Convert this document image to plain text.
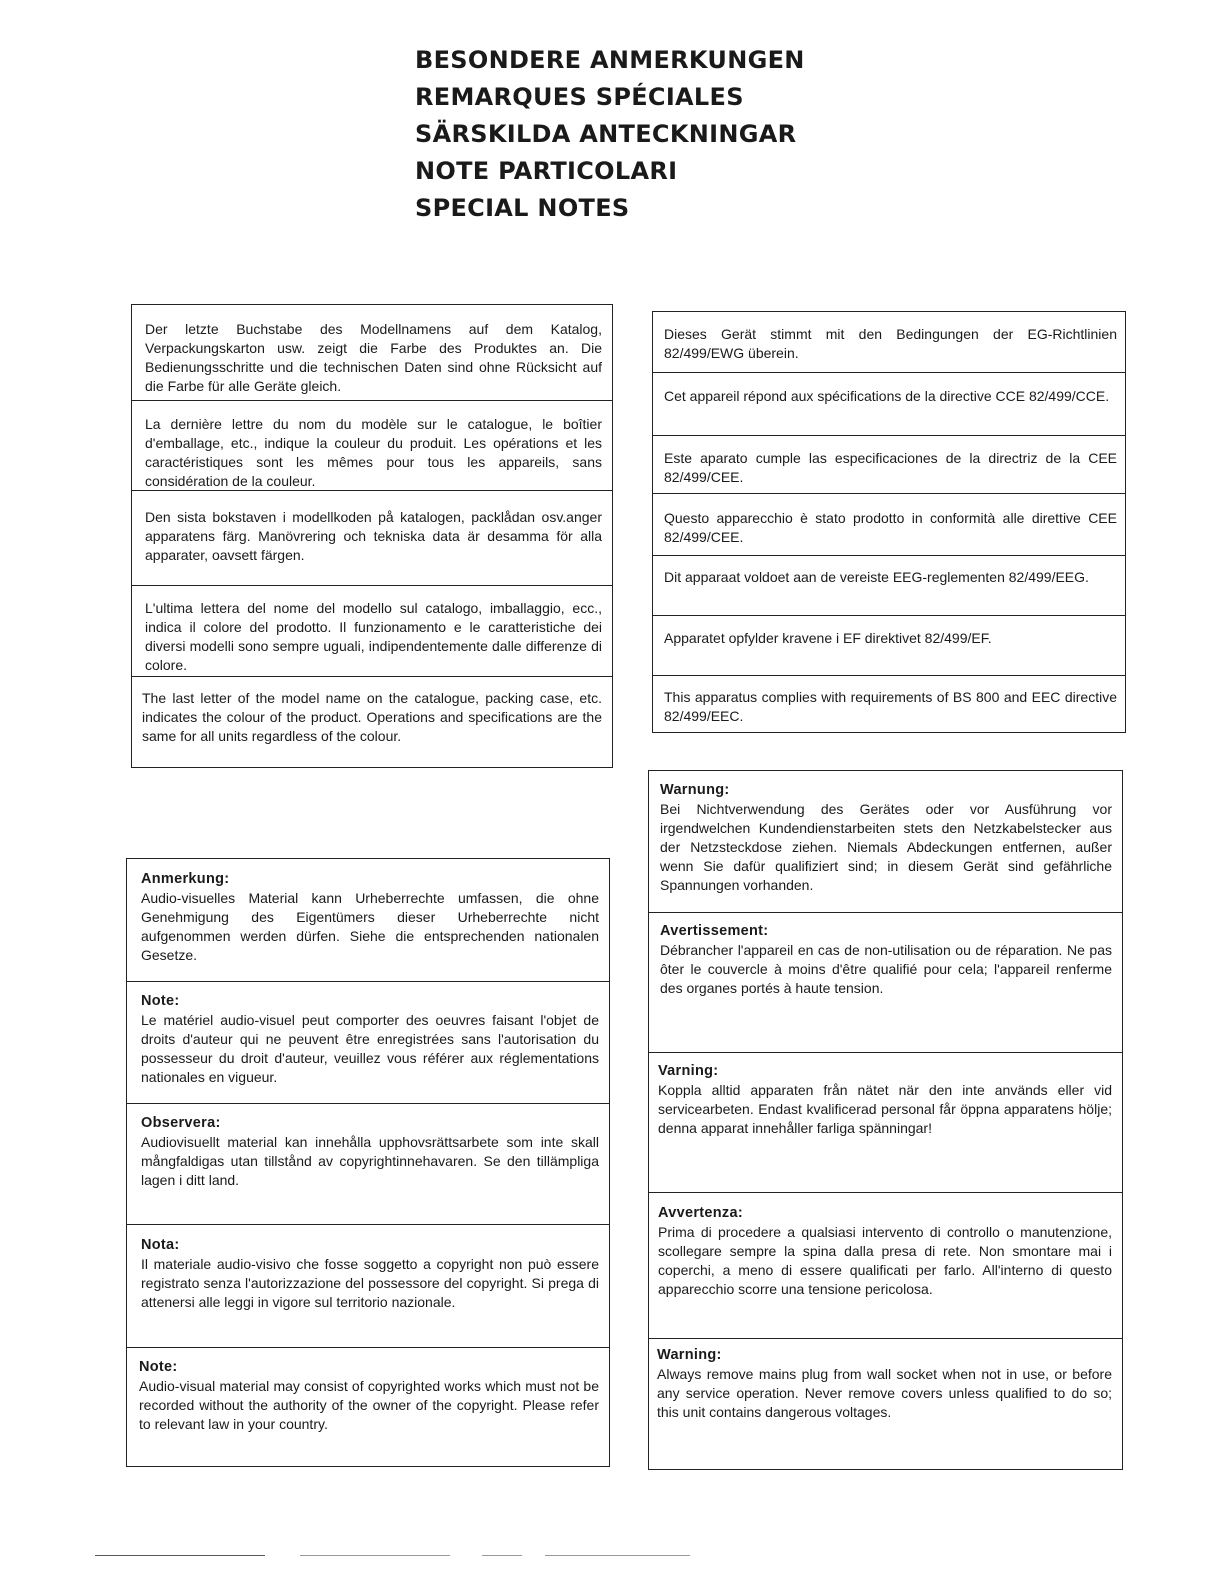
BESONDERE ANMERKUNGEN
REMARQUES SPÉCIALES
SÄRSKILDA ANTECKNINGAR
NOTE PARTICOLARI
SPECIAL NOTES

Der letzte Buchstabe des Modellnamens auf dem Katalog, Verpackungskarton usw. zeigt die Farbe des Produktes an. Die Bedienungsschritte und die technischen Daten sind ohne Rücksicht auf die Farbe für alle Geräte gleich.

La dernière lettre du nom du modèle sur le catalogue, le boîtier d'emballage, etc., indique la couleur du produit. Les opérations et les caractéristiques sont les mêmes pour tous les appareils, sans considération de la couleur.

Den sista bokstaven i modellkoden på katalogen, packlådan osv.anger apparatens färg. Manövrering och tekniska data är desamma för alla apparater, oavsett färgen.

L'ultima lettera del nome del modello sul catalogo, imballaggio, ecc., indica il colore del prodotto. Il funzionamento e le caratteristiche dei diversi modelli sono sempre uguali, indipendentemente dalle differenze di colore.

The last letter of the model name on the catalogue, packing case, etc. indicates the colour of the product. Operations and specifications are the same for all units regardless of the colour.

Dieses Gerät stimmt mit den Bedingungen der EG-Richtlinien 82/499/EWG überein.

Cet appareil répond aux spécifications de la directive CCE 82/499/CCE.

Este aparato cumple las especificaciones de la directriz de la CEE 82/499/CEE.

Questo apparecchio è stato prodotto in conformità alle direttive CEE 82/499/CEE.

Dit apparaat voldoet aan de vereiste EEG-reglementen 82/499/EEG.

Apparatet opfylder kravene i EF direktivet 82/499/EF.

This apparatus complies with requirements of BS 800 and EEC directive 82/499/EEC.

Anmerkung:

Audio-visuelles Material kann Urheberrechte umfassen, die ohne Genehmigung des Eigentümers dieser Urheberrechte nicht aufgenommen werden dürfen. Siehe die entsprechenden nationalen Gesetze.

Note:

Le matériel audio-visuel peut comporter des oeuvres faisant l'objet de droits d'auteur qui ne peuvent être enregistrées sans l'autorisation du possesseur du droit d'auteur, veuillez vous référer aux réglementations nationales en vigueur.

Observera:

Audiovisuellt material kan innehålla upphovsrättsarbete som inte skall mångfaldigas utan tillstånd av copyrightinnehavaren. Se den tillämpliga lagen i ditt land.

Nota:

Il materiale audio-visivo che fosse soggetto a copyright non può essere registrato senza l'autorizzazione del possessore del copyright. Si prega di attenersi alle leggi in vigore sul territorio nazionale.

Note:

Audio-visual material may consist of copyrighted works which must not be recorded without the authority of the owner of the copyright. Please refer to relevant law in your country.

Warnung:

Bei Nichtverwendung des Gerätes oder vor Ausführung vor irgendwelchen Kundendienstarbeiten stets den Netzkabelstecker aus der Netzsteckdose ziehen. Niemals Abdeckungen entfernen, außer wenn Sie dafür qualifiziert sind; in diesem Gerät sind gefährliche Spannungen vorhanden.

Avertissement:

Débrancher l'appareil en cas de non-utilisation ou de réparation. Ne pas ôter le couvercle à moins d'être qualifié pour cela; l'appareil renferme des organes portés à haute tension.

Varning:

Koppla alltid apparaten från nätet när den inte används eller vid servicearbeten. Endast kvalificerad personal får öppna apparatens hölje; denna apparat innehåller farliga spänningar!

Avvertenza:

Prima di procedere a qualsiasi intervento di controllo o manutenzione, scollegare sempre la spina dalla presa di rete. Non smontare mai i coperchi, a meno di essere qualificati per farlo. All'interno di questo apparecchio scorre una tensione pericolosa.

Warning:

Always remove mains plug from wall socket when not in use, or before any service operation. Never remove covers unless qualified to do so; this unit contains dangerous voltages.
